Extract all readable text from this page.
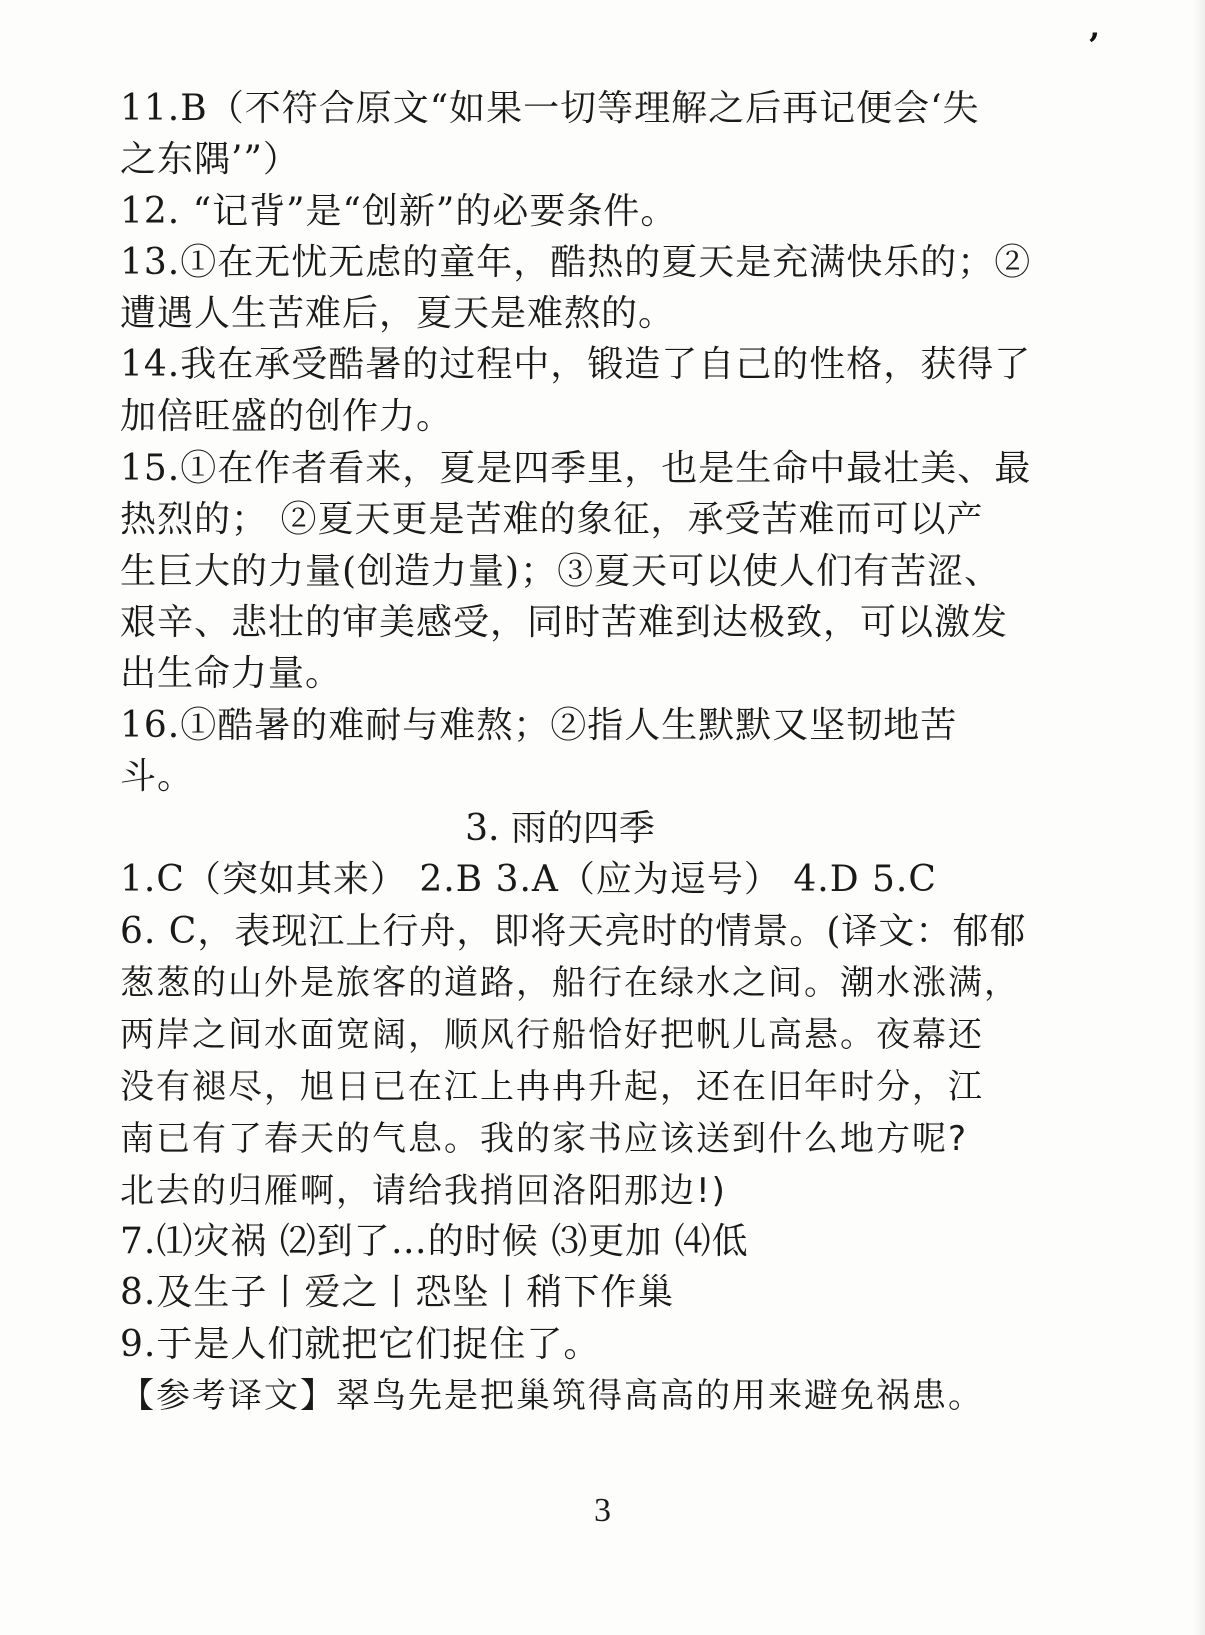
’
11.B（不符合原文“如果一切等理解之后再记便会‘失
之东隅’”）
12. “记背”是“创新”的必要条件。
13.①在无忧无虑的童年，酷热的夏天是充满快乐的；②
遭遇人生苦难后，夏天是难熬的。
14.我在承受酷暑的过程中，锻造了自己的性格，获得了
加倍旺盛的创作力。
15.①在作者看来，夏是四季里，也是生命中最壮美、最
热烈的； ②夏天更是苦难的象征，承受苦难而可以产
生巨大的力量(创造力量)；③夏天可以使人们有苦涩、
艰辛、悲壮的审美感受，同时苦难到达极致，可以激发
出生命力量。
16.①酷暑的难耐与难熬；②指人生默默又坚韧地苦
斗。
3. 雨的四季
1.C（突如其来） 2.B 3.A（应为逗号） 4.D 5.C
6. C，表现江上行舟，即将天亮时的情景。(译文：郁郁
葱葱的山外是旅客的道路，船行在绿水之间。潮水涨满，
两岸之间水面宽阔，顺风行船恰好把帆儿高悬。夜幕还
没有褪尽，旭日已在江上冉冉升起，还在旧年时分，江
南已有了春天的气息。我的家书应该送到什么地方呢?
北去的归雁啊，请给我捎回洛阳那边!)
7.⑴灾祸 ⑵到了…的时候 ⑶更加 ⑷低
8.及生子丨爱之丨恐坠丨稍下作巢
9.于是人们就把它们捉住了。
【参考译文】翠鸟先是把巢筑得高高的用来避免祸患。
3
